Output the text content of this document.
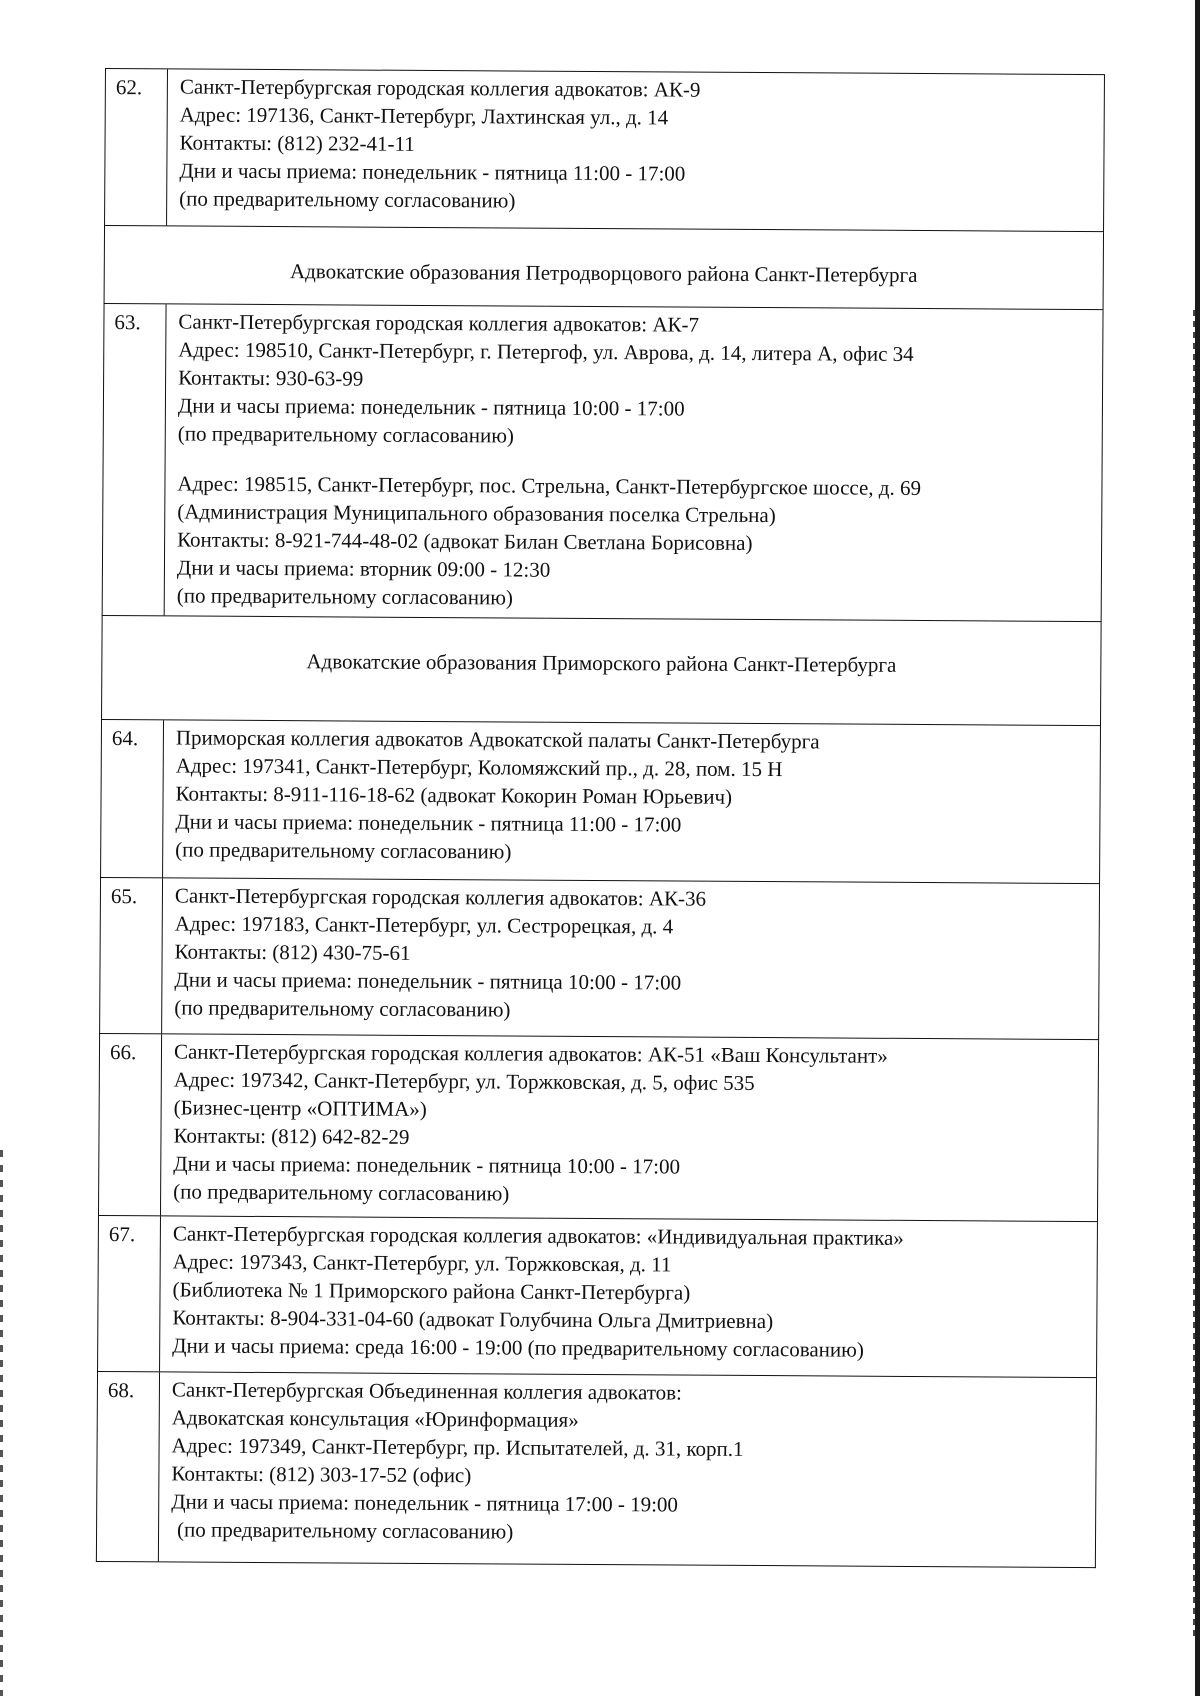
62.	Санкт-Петербургская городская коллегия адвокатов: АК-9
Адрес: 197136, Санкт-Петербург, Лахтинская ул., д. 14
Контакты: (812) 232-41-11
Дни и часы приема: понедельник - пятница 11:00 - 17:00
(по предварительному согласованию)
Адвокатские образования Петродворцового района Санкт-Петербурга
63.	Санкт-Петербургская городская коллегия адвокатов: АК-7
Адрес: 198510, Санкт-Петербург, г. Петергоф, ул. Аврова, д. 14, литера А, офис 34
Контакты: 930-63-99
Дни и часы приема: понедельник - пятница 10:00 - 17:00
(по предварительному согласованию)
Адрес: 198515, Санкт-Петербург, пос. Стрельна, Санкт-Петербургское шоссе, д. 69
(Администрация Муниципального образования поселка Стрельна)
Контакты: 8-921-744-48-02 (адвокат Билан Светлана Борисовна)
Дни и часы приема: вторник 09:00 - 12:30
(по предварительному согласованию)
Адвокатские образования Приморского района Санкт-Петербурга
64.	Приморская коллегия адвокатов Адвокатской палаты Санкт-Петербурга
Адрес: 197341, Санкт-Петербург, Коломяжский пр., д. 28, пом. 15 Н
Контакты: 8-911-116-18-62 (адвокат Кокорин Роман Юрьевич)
Дни и часы приема: понедельник - пятница 11:00 - 17:00
(по предварительному согласованию)
65.	Санкт-Петербургская городская коллегия адвокатов: АК-36
Адрес: 197183, Санкт-Петербург, ул. Сестрорецкая, д. 4
Контакты: (812) 430-75-61
Дни и часы приема: понедельник - пятница 10:00 - 17:00
(по предварительному согласованию)
66.	Санкт-Петербургская городская коллегия адвокатов: АК-51 «Ваш Консультант»
Адрес: 197342, Санкт-Петербург, ул. Торжковская, д. 5, офис 535
(Бизнес-центр «ОПТИМА»)
Контакты: (812) 642-82-29
Дни и часы приема: понедельник - пятница 10:00 - 17:00
(по предварительному согласованию)
67.	Санкт-Петербургская городская коллегия адвокатов: «Индивидуальная практика»
Адрес: 197343, Санкт-Петербург, ул. Торжковская, д. 11
(Библиотека № 1 Приморского района Санкт-Петербурга)
Контакты: 8-904-331-04-60 (адвокат Голубчина Ольга Дмитриевна)
Дни и часы приема: среда 16:00 - 19:00 (по предварительному согласованию)
68.	Санкт-Петербургская Объединенная коллегия адвокатов:
Адвокатская консультация «Юринформация»
Адрес: 197349, Санкт-Петербург, пр. Испытателей, д. 31, корп.1
Контакты: (812) 303-17-52 (офис)
Дни и часы приема: понедельник - пятница 17:00 - 19:00
(по предварительному согласованию)
